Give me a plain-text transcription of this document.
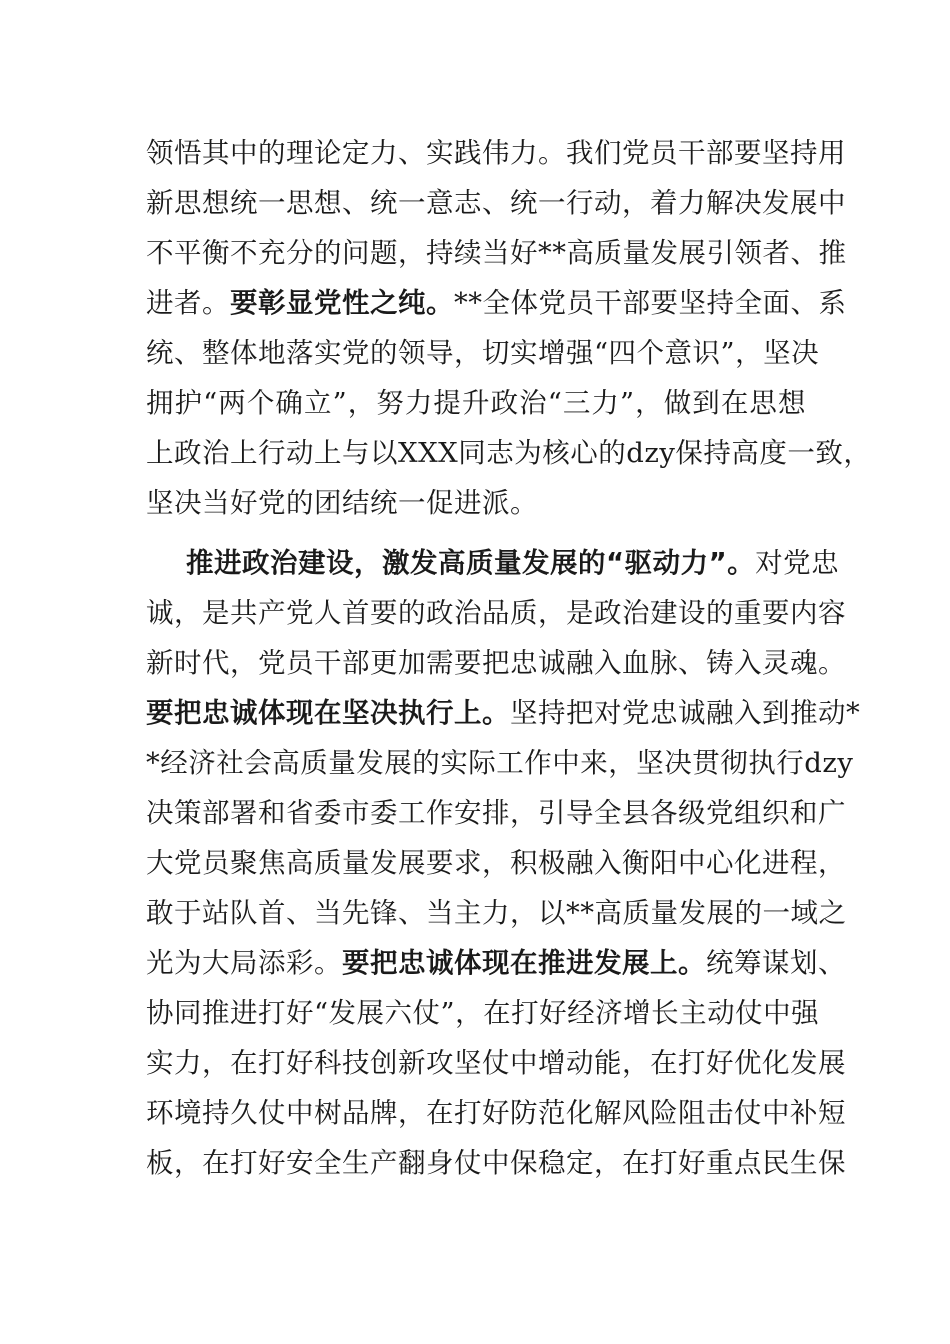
领悟其中的理论定力、实践伟力。我们党员干部要坚持用
新思想统一思想、统一意志、统一行动，着力解决发展中
不平衡不充分的问题，持续当好**高质量发展引领者、推
进者。要彰显党性之纯。**全体党员干部要坚持全面、系
统、整体地落实党的领导，切实增强“四个意识”，坚决
拥护“两个确立”，努力提升政治“三力”，做到在思想
上政治上行动上与以XXX同志为核心的dzy保持高度一致，
坚决当好党的团结统一促进派。
推进政治建设，激发高质量发展的“驱动力”。对党忠
诚，是共产党人首要的政治品质，是政治建设的重要内容
新时代，党员干部更加需要把忠诚融入血脉、铸入灵魂。
要把忠诚体现在坚决执行上。坚持把对党忠诚融入到推动*
*经济社会高质量发展的实际工作中来，坚决贯彻执行dzy
决策部署和省委市委工作安排，引导全县各级党组织和广
大党员聚焦高质量发展要求，积极融入衡阳中心化进程，
敢于站队首、当先锋、当主力，以**高质量发展的一域之
光为大局添彩。要把忠诚体现在推进发展上。统筹谋划、
协同推进打好“发展六仗”，在打好经济增长主动仗中强
实力，在打好科技创新攻坚仗中增动能，在打好优化发展
环境持久仗中树品牌，在打好防范化解风险阻击仗中补短
板，在打好安全生产翻身仗中保稳定，在打好重点民生保
